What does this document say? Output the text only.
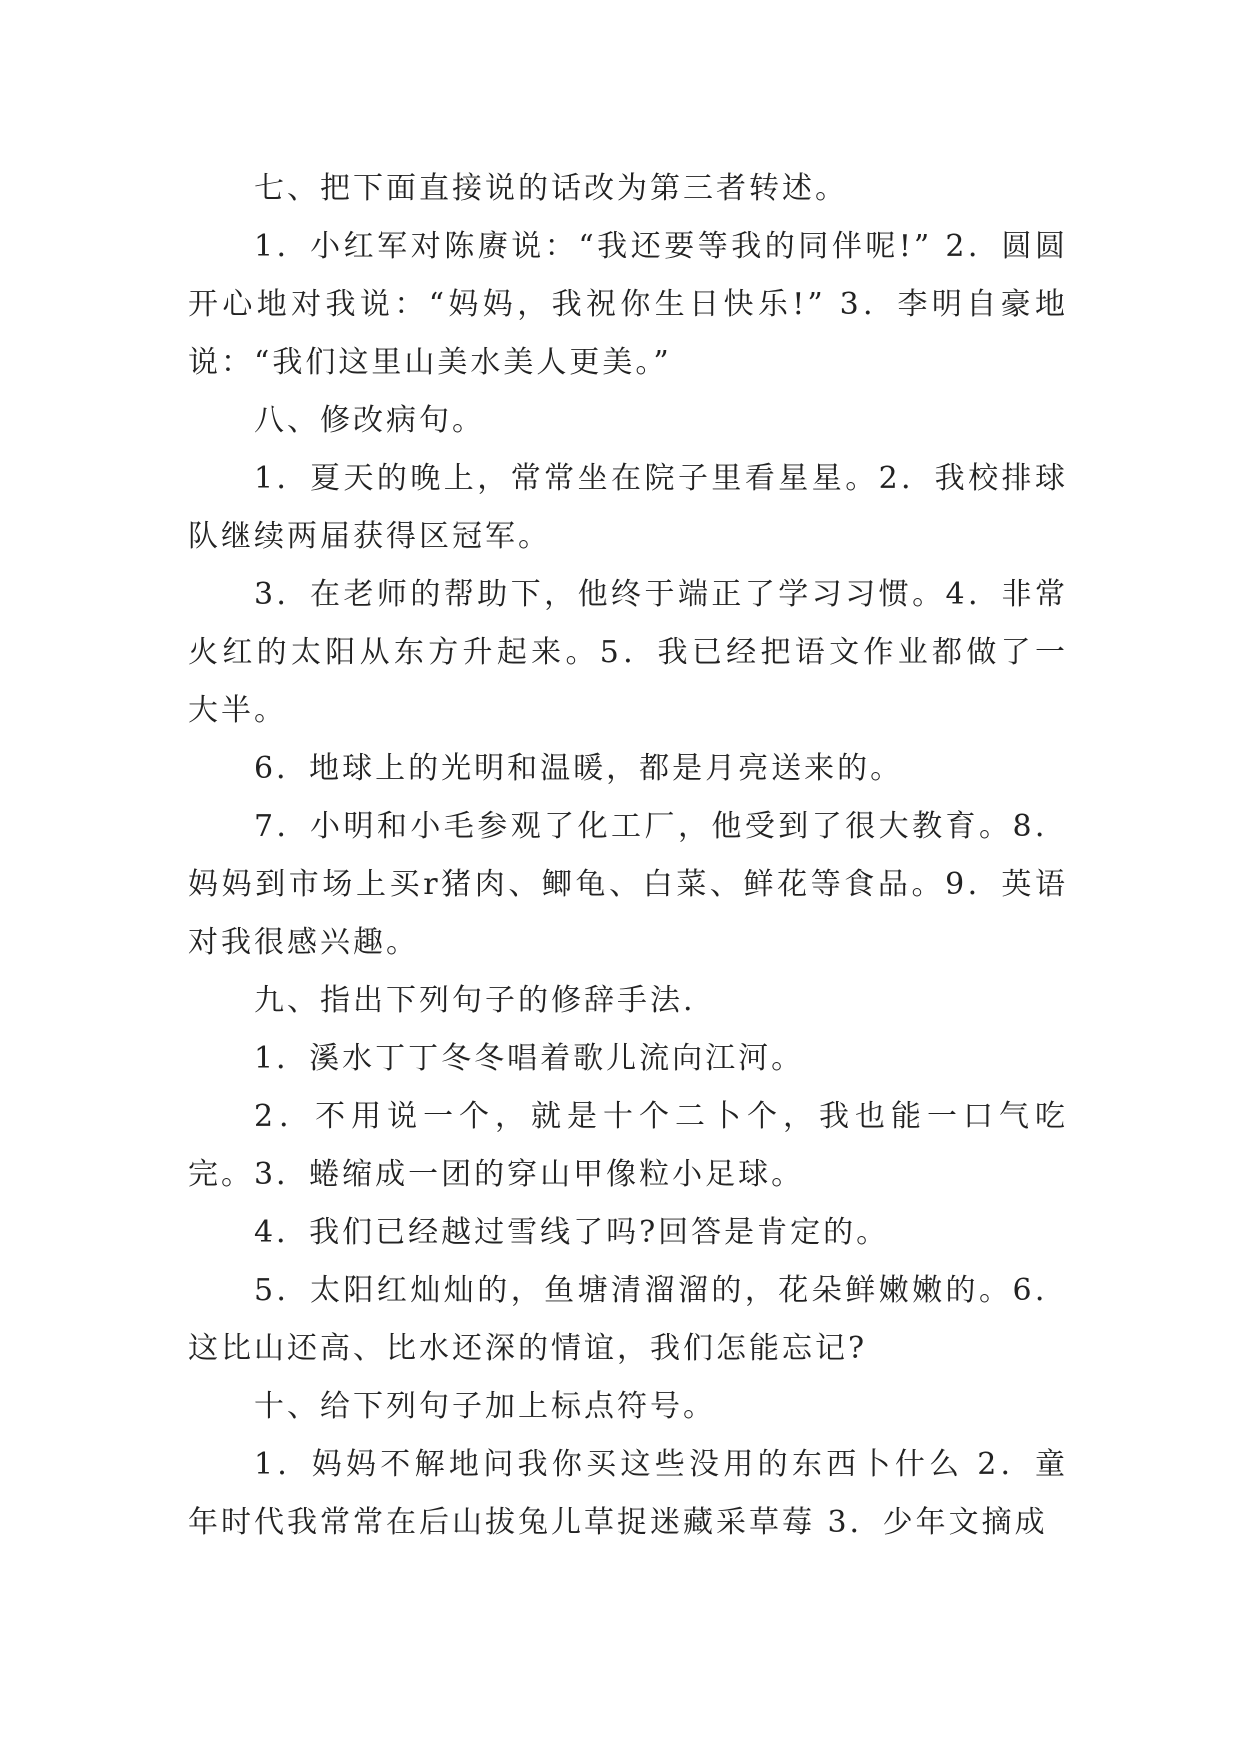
七、把下面直接说的话改为第三者转述。

1．小红军对陈赓说：“我还要等我的同伴呢!” 2．圆圆开心地对我说：“妈妈，我祝你生日快乐!” 3．李明自豪地说：“我们这里山美水美人更美。”

八、修改病句。

1．夏天的晚上，常常坐在院子里看星星。2．我校排球队继续两届获得区冠军。

3．在老师的帮助下，他终于端正了学习习惯。4．非常火红的太阳从东方升起来。5．我已经把语文作业都做了一大半。

6．地球上的光明和温暖，都是月亮送来的。

7．小明和小毛参观了化工厂，他受到了很大教育。8．妈妈到市场上买r猪肉、鲫龟、白菜、鲜花等食品。9．英语对我很感兴趣。

九、指出下列句子的修辞手法.

1．溪水丁丁冬冬唱着歌儿流向江河。

2．不用说一个，就是十个二卜个，我也能一口气吃完。3．蜷缩成一团的穿山甲像粒小足球。

4．我们已经越过雪线了吗?回答是肯定的。

5．太阳红灿灿的，鱼塘清溜溜的，花朵鲜嫩嫩的。6．这比山还高、比水还深的情谊，我们怎能忘记?

十、给下列句子加上标点符号。

1．妈妈不解地问我你买这些没用的东西卜什么 2．童年时代我常常在后山拔兔儿草捉迷藏采草莓 3．少年文摘成
